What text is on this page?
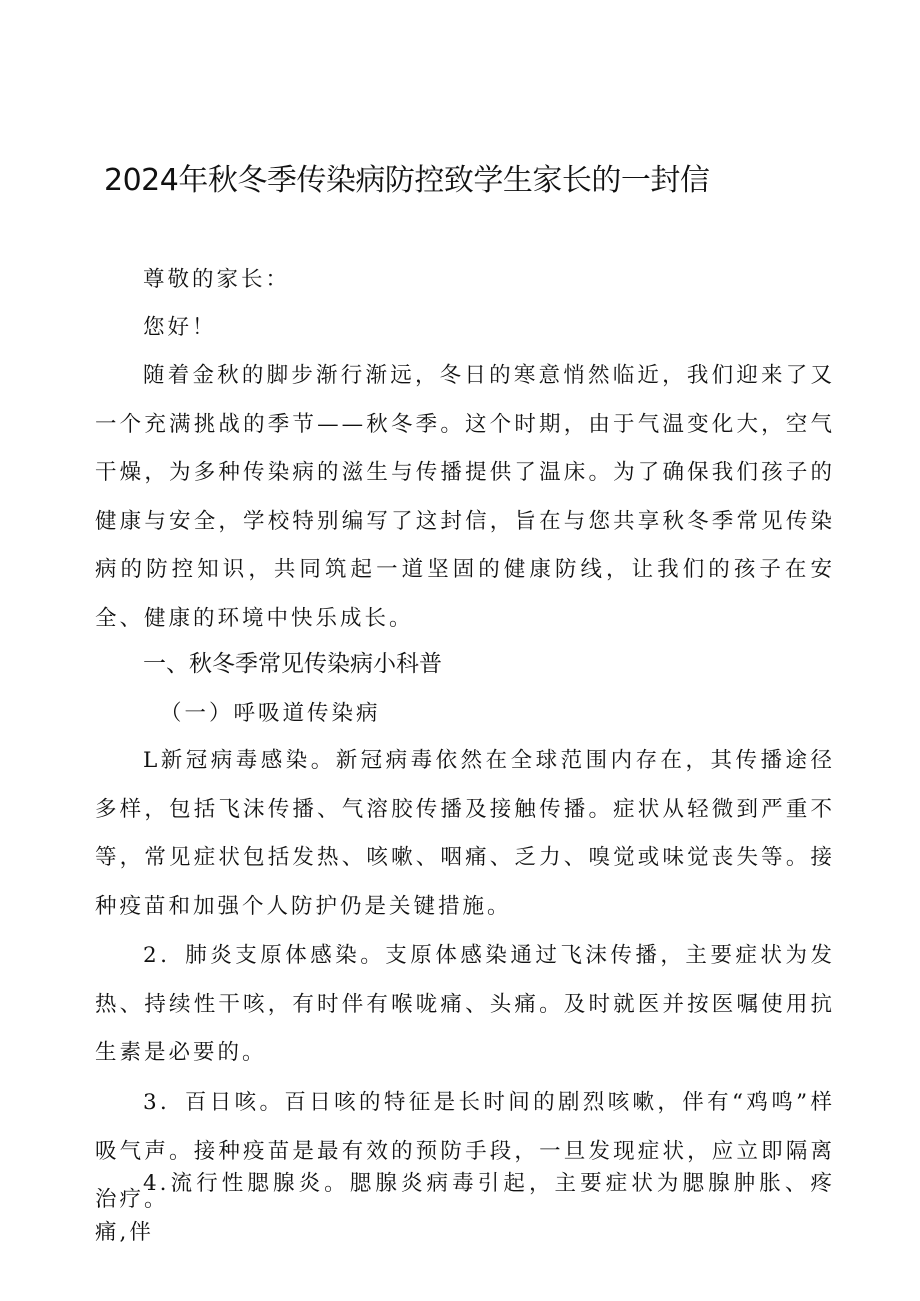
2024年秋冬季传染病防控致学生家长的一封信
尊敬的家长：
您好！

随着金秋的脚步渐行渐远，冬日的寒意悄然临近，我们迎来了又一个充满挑战的季节——秋冬季。这个时期，由于气温变化大，空气干燥，为多种传染病的滋生与传播提供了温床。为了确保我们孩子的健康与安全，学校特别编写了这封信，旨在与您共享秋冬季常见传染病的防控知识，共同筑起一道坚固的健康防线，让我们的孩子在安全、健康的环境中快乐成长。

一、秋冬季常见传染病小科普
（一）呼吸道传染病

L新冠病毒感染。新冠病毒依然在全球范围内存在，其传播途径多样，包括飞沫传播、气溶胶传播及接触传播。症状从轻微到严重不等，常见症状包括发热、咳嗽、咽痛、乏力、嗅觉或味觉丧失等。接种疫苗和加强个人防护仍是关键措施。

2．肺炎支原体感染。支原体感染通过飞沫传播，主要症状为发热、持续性干咳，有时伴有喉咙痛、头痛。及时就医并按医嘱使用抗生素是必要的。

3．百日咳。百日咳的特征是长时间的剧烈咳嗽，伴有“鸡鸣”样吸气声。接种疫苗是最有效的预防手段，一旦发现症状，应立即隔离治疗。

4.流行性腮腺炎。腮腺炎病毒引起，主要症状为腮腺肿胀、疼痛,伴
